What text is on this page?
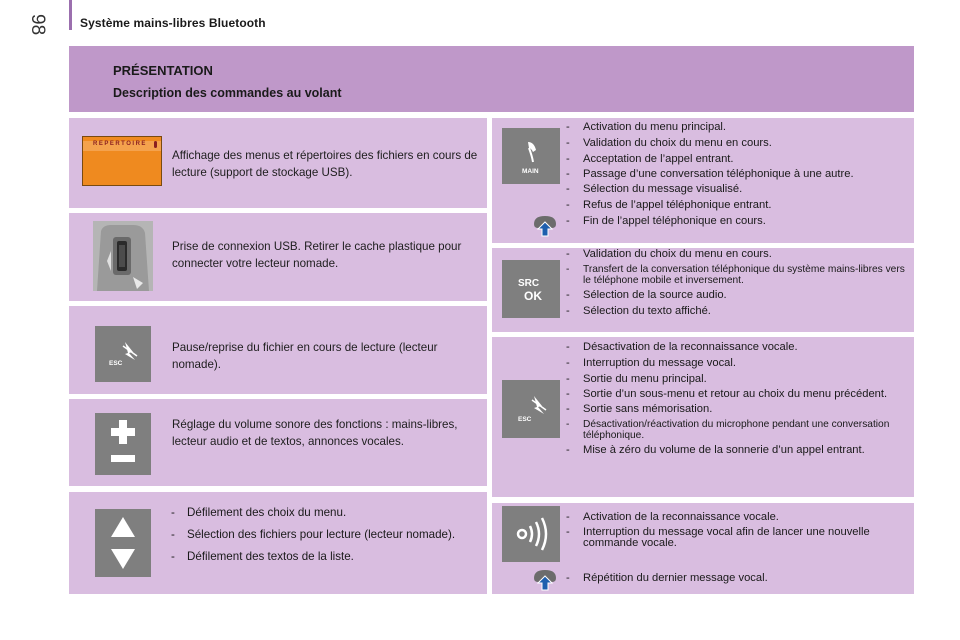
98	Système mains-libres Bluetooth
PRÉSENTATION
Description des commandes au volant
REPERTOIRE
Affichage des menus et répertoires des fichiers en cours de lecture (support de stockage USB).
Prise de connexion USB. Retirer le cache plastique pour connecter votre lecteur nomade.
ESC
Pause/reprise du fichier en cours de lecture (lecteur nomade).
Réglage du volume sonore des fonctions : mains-libres, lecteur audio et de textos, annonces vocales.
- Défilement des choix du menu.
- Sélection des fichiers pour lecture (lecteur nomade).
- Défilement des textos de la liste.
MAIN
- Activation du menu principal.
- Validation du choix du menu en cours.
- Acceptation de l’appel entrant.
- Passage d’une conversation téléphonique à une autre.
- Sélection du message visualisé.
- Refus de l’appel téléphonique entrant.
- Fin de l’appel téléphonique en cours.
SRC
OK
- Validation du choix du menu en cours.
- Transfert de la conversation téléphonique du système mains-libres vers le téléphone mobile et inversement.
- Sélection de la source audio.
- Sélection du texto affiché.
ESC
- Désactivation de la reconnaissance vocale.
- Interruption du message vocal.
- Sortie du menu principal.
- Sortie d’un sous-menu et retour au choix du menu précédent.
- Sortie sans mémorisation.
- Désactivation/réactivation du microphone pendant une conversation téléphonique.
- Mise à zéro du volume de la sonnerie d’un appel entrant.
- Activation de la reconnaissance vocale.
- Interruption du message vocal afin de lancer une nouvelle commande vocale.
- Répétition du dernier message vocal.
